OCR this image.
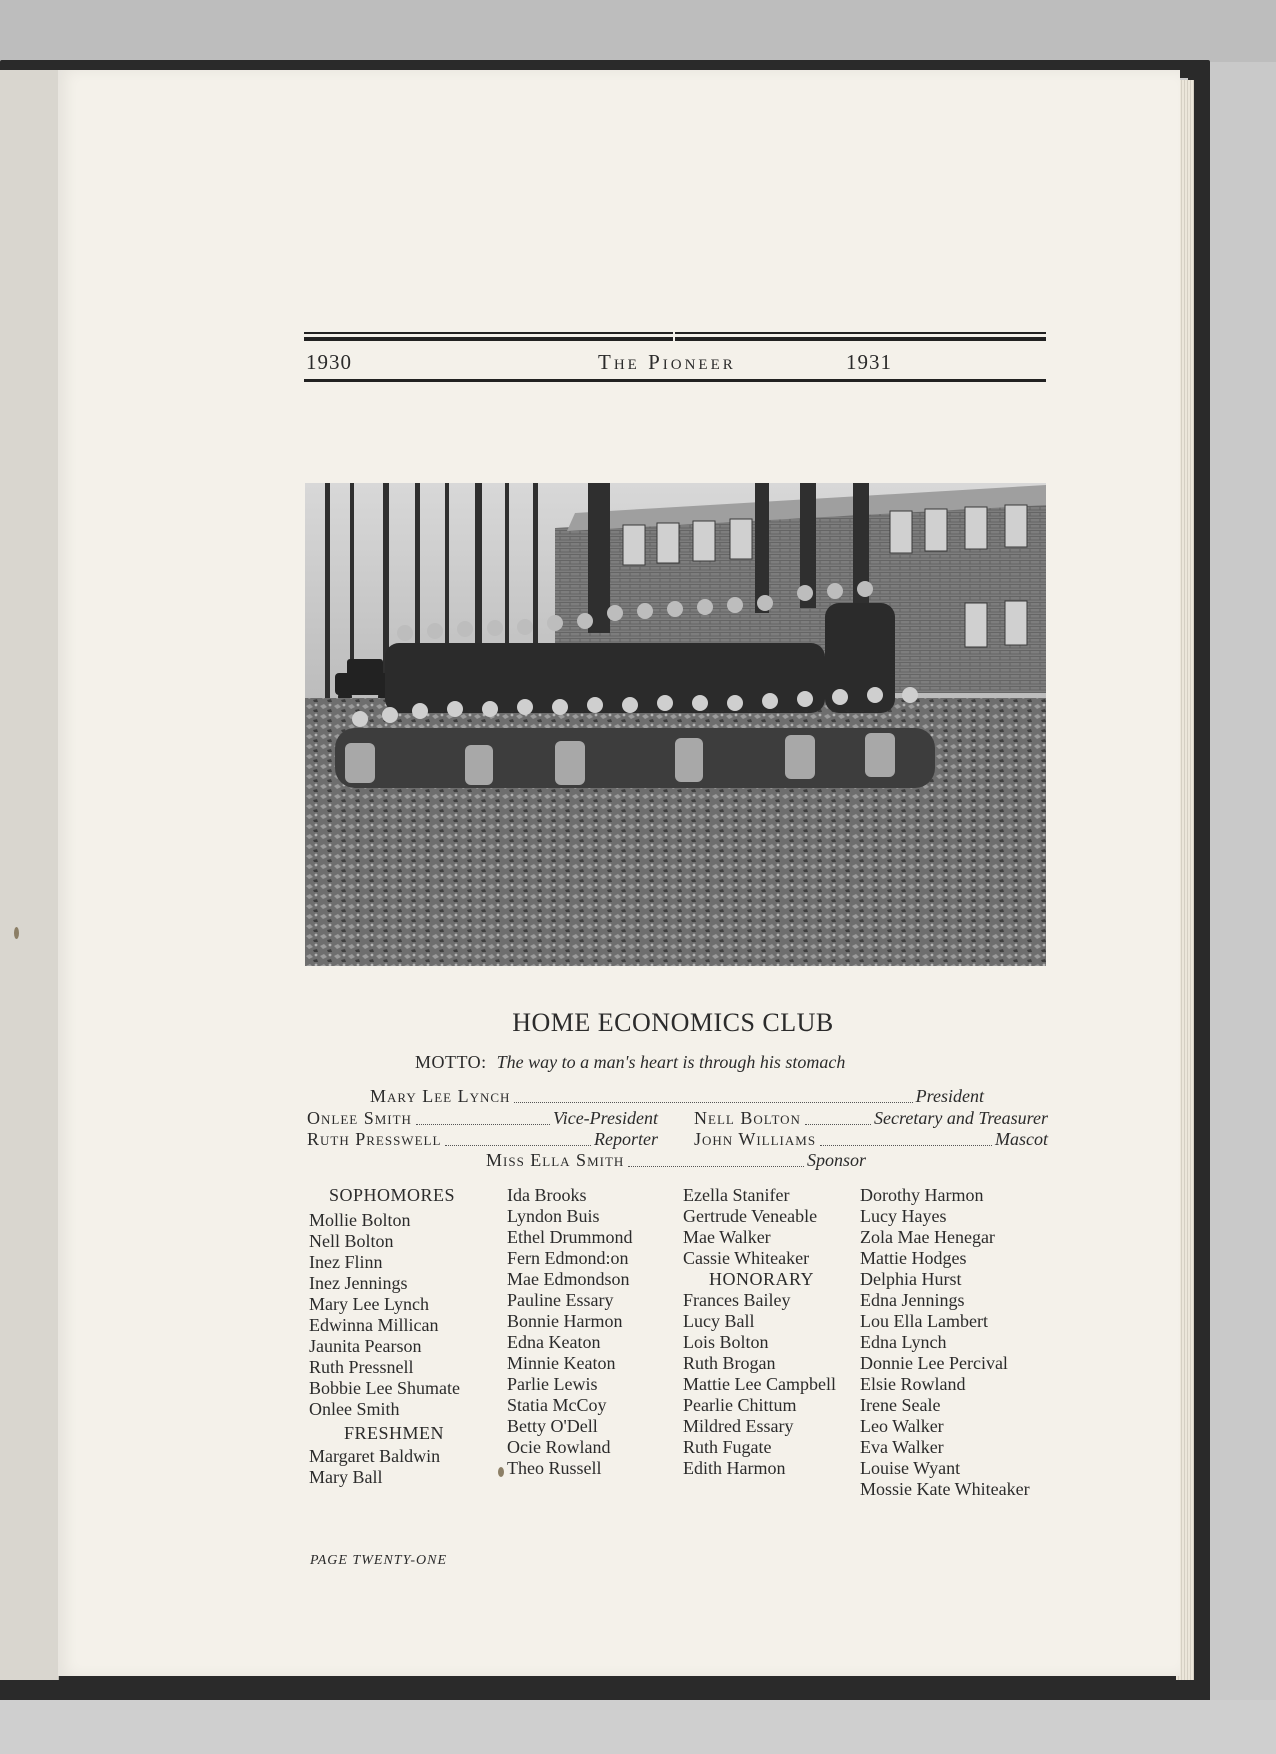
1930	The Pioneer	1931
HOME ECONOMICS CLUB
MOTTO: The way to a man's heart is through his stomach
Mary Lee Lynch	President
Onlee Smith	Vice-President Nell Bolton	Secretary and Treasurer
Ruth Presswell	Reporter John Williams	Mascot
Miss Ella Smith	Sponsor
SOPHOMORES
Mollie Bolton
Nell Bolton
Inez Flinn
Inez Jennings
Mary Lee Lynch
Edwinna Millican
Jaunita Pearson
Ruth Pressnell
Bobbie Lee Shumate
Onlee Smith
FRESHMEN
Margaret Baldwin
Mary Ball
Ida Brooks
Lyndon Buis
Ethel Drummond
Fern Edmond:on
Mae Edmondson
Pauline Essary
Bonnie Harmon
Edna Keaton
Minnie Keaton
Parlie Lewis
Statia McCoy
Betty O'Dell
Ocie Rowland
Theo Russell
Ezella Stanifer
Gertrude Veneable
Mae Walker
Cassie Whiteaker
HONORARY
Frances Bailey
Lucy Ball
Lois Bolton
Ruth Brogan
Mattie Lee Campbell
Pearlie Chittum
Mildred Essary
Ruth Fugate
Edith Harmon
Dorothy Harmon
Lucy Hayes
Zola Mae Henegar
Mattie Hodges
Delphia Hurst
Edna Jennings
Lou Ella Lambert
Edna Lynch
Donnie Lee Percival
Elsie Rowland
Irene Seale
Leo Walker
Eva Walker
Louise Wyant
Mossie Kate Whiteaker
PAGE TWENTY-ONE
